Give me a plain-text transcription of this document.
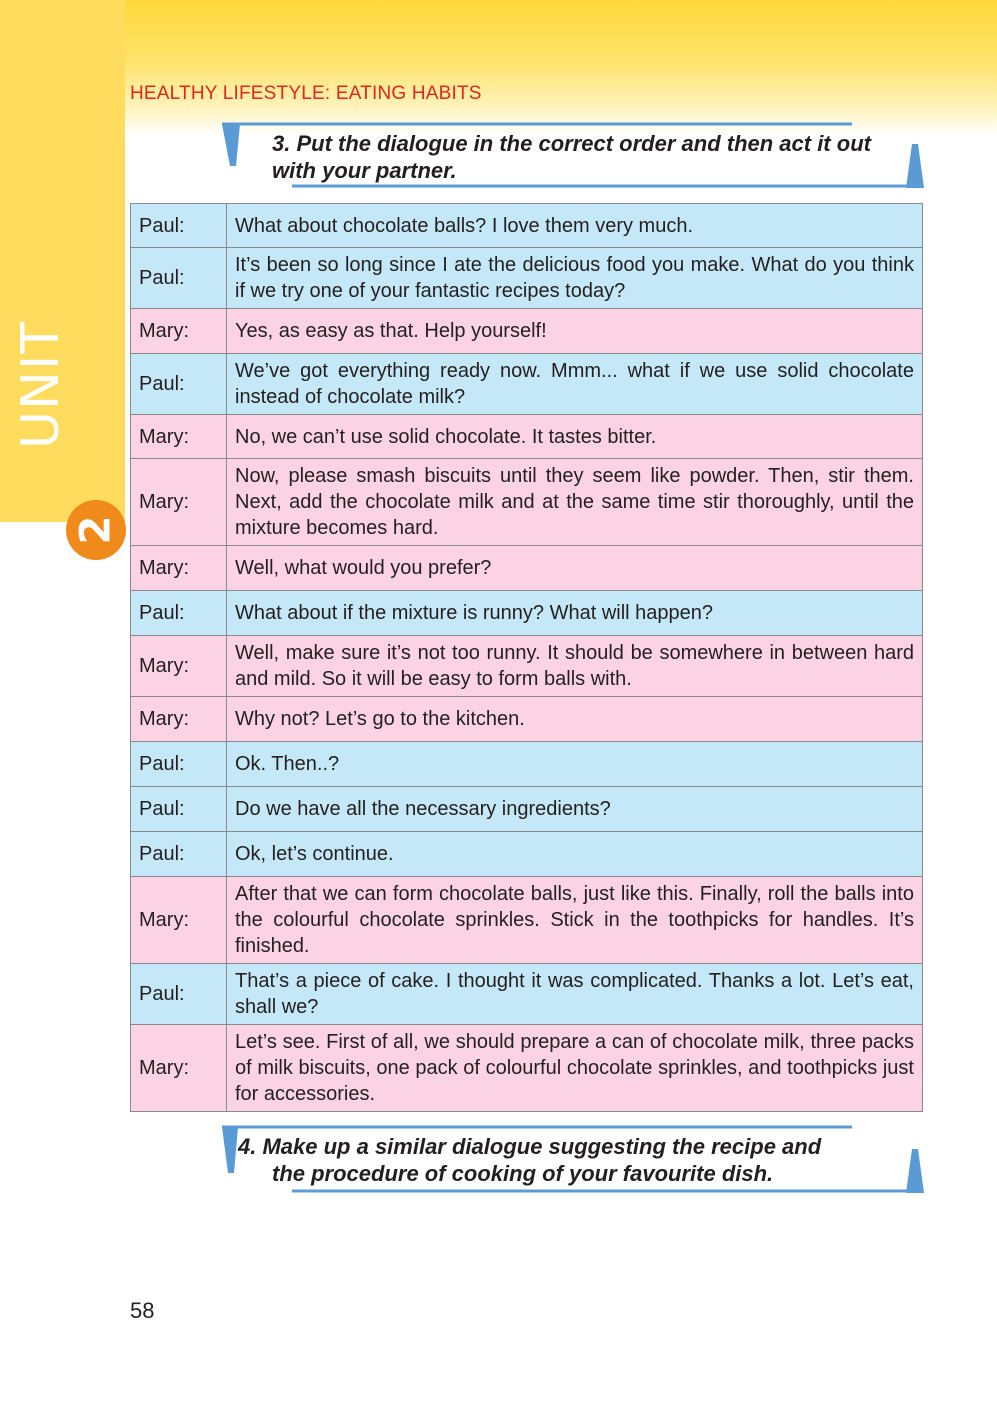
UNIT
2
HEALTHY LIFESTYLE: EATING HABITS
3. Put the dialogue in the correct order and then act it out with your partner.
Paul:	What about chocolate balls? I love them very much.
Paul:	It’s been so long since I ate the delicious food you make. What do you think if we try one of your fantastic recipes today?
Mary:	Yes, as easy as that. Help yourself!
Paul:	We’ve got everything ready now. Mmm... what if we use solid chocolate instead of chocolate milk?
Mary:	No, we can’t use solid chocolate. It tastes bitter.
Mary:	Now, please smash biscuits until they seem like powder. Then, stir them. Next, add the chocolate milk and at the same time stir thoroughly, until the mixture becomes hard.
Mary:	Well, what would you prefer?
Paul:	What about if the mixture is runny? What will happen?
Mary:	Well, make sure it’s not too runny. It should be somewhere in between hard and mild. So it will be easy to form balls with.
Mary:	Why not? Let’s go to the kitchen.
Paul:	Ok. Then..?
Paul:	Do we have all the necessary ingredients?
Paul:	Ok, let’s continue.
Mary:	After that we can form chocolate balls, just like this. Finally, roll the balls into the colourful chocolate sprinkles. Stick in the toothpicks for handles. It’s finished.
Paul:	That’s a piece of cake. I thought it was complicated. Thanks a lot. Let’s eat, shall we?
Mary:	Let’s see. First of all, we should prepare a can of chocolate milk, three packs of milk biscuits, one pack of colourful chocolate sprinkles, and toothpicks just for accessories.
4. Make up a similar dialogue suggesting the recipe and
the procedure of cooking of your favourite dish.
58
